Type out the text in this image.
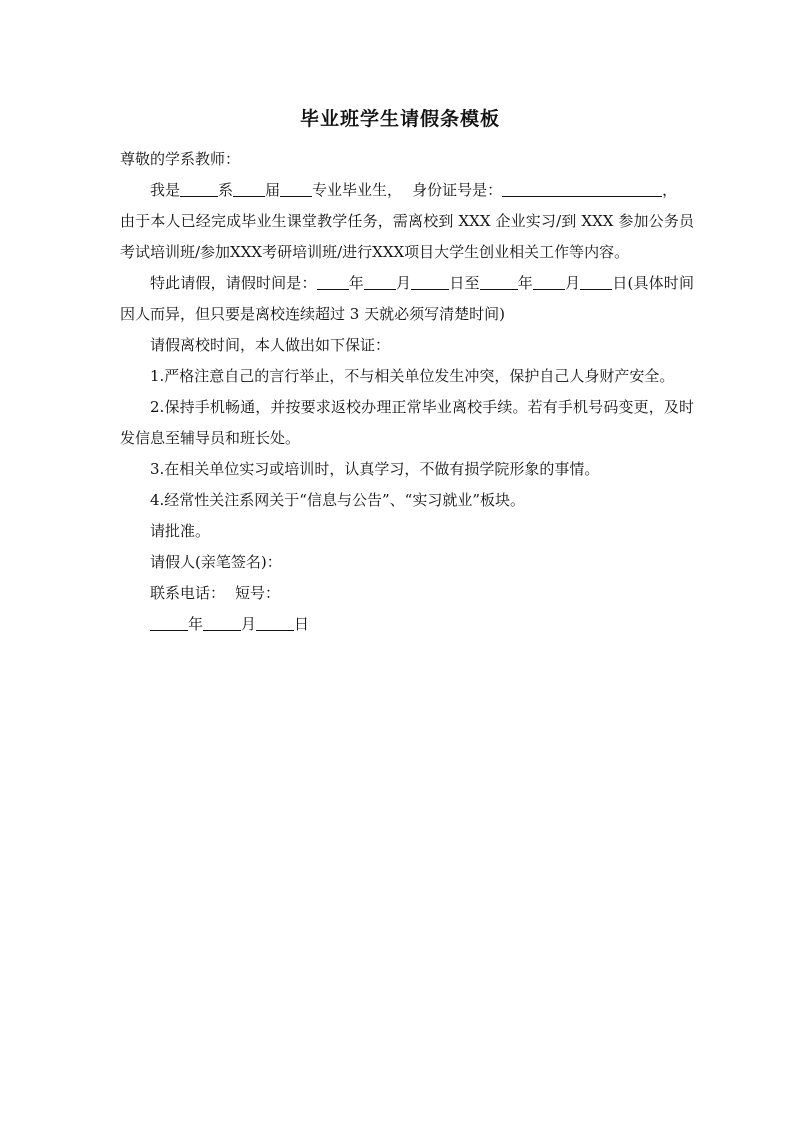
毕业班学生请假条模板

尊敬的学系教师：

我是	系 届 专业毕业生， 身份证号是：	，

由于本人已经完成毕业生课堂教学任务，需离校到 XXX 企业实习/到 XXX 参加公务员考试培训班/参加XXX考研培训班/进行XXX项目大学生创业相关工作等内容。

特此请假，请假时间是： 年 月	日至	年 月 日(具体时间因人而异，但只要是离校连续超过 3 天就必须写清楚时间)

请假离校时间，本人做出如下保证：

1.严格注意自己的言行举止，不与相关单位发生冲突，保护自己人身财产安全。

2.保持手机畅通，并按要求返校办理正常毕业离校手续。若有手机号码变更，及时发信息至辅导员和班长处。

3.在相关单位实习或培训时，认真学习，不做有损学院形象的事情。

4.经常性关注系网关于“信息与公告”、“实习就业”板块。

请批准。

请假人(亲笔签名)：

联系电话： 短号：

年	月	日
